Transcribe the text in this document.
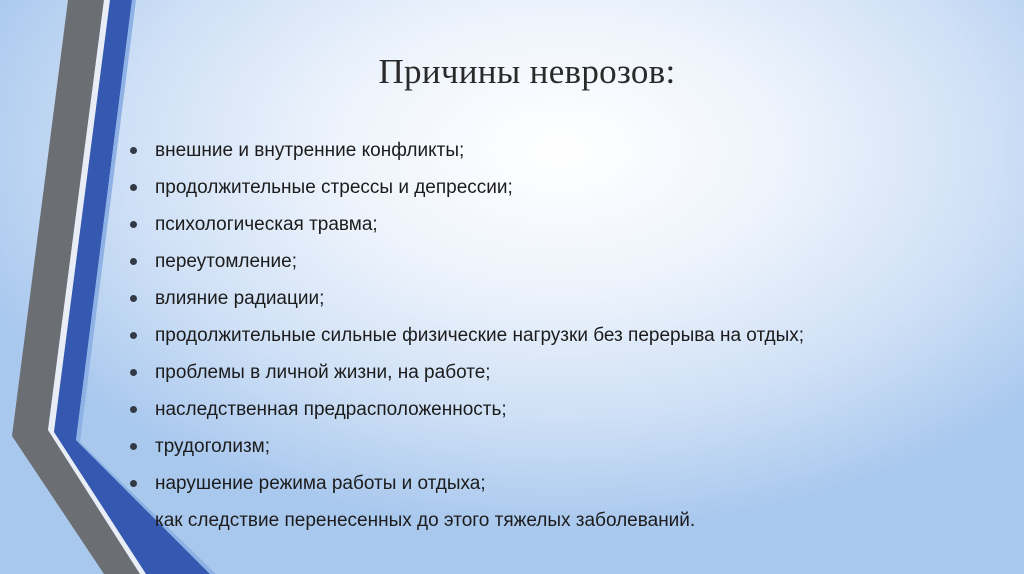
Причины неврозов:
внешние и внутренние конфликты;
продолжительные стрессы и депрессии;
психологическая травма;
переутомление;
влияние радиации;
продолжительные сильные физические нагрузки без перерыва на отдых;
проблемы в личной жизни, на работе;
наследственная предрасположенность;
трудоголизм;
нарушение режима работы и отдыха;
как следствие перенесенных до этого тяжелых заболеваний.
